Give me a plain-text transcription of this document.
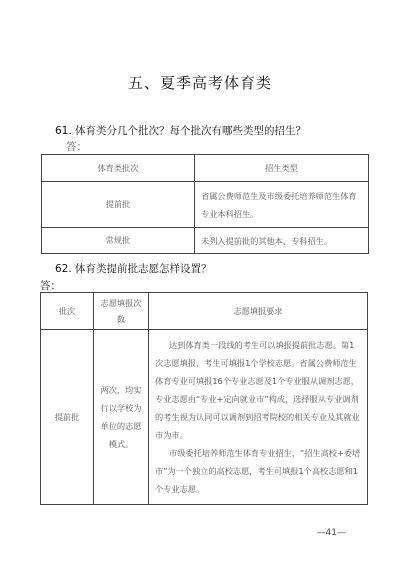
五、夏季高考体育类
61. 体育类分几个批次？每个批次有哪些类型的招生？
答：
体育类批次	招生类型
提前批	省属公费师范生及市级委托培养师范生体育专业本科招生。
常规批	未列入提前批的其他本、专科招生。
62. 体育类提前批志愿怎样设置？
答：
批次	志愿填报次数	志愿填报要求
提前批	两次，均实行以学校为单位的志愿模式。	达到体育类一段线的考生可以填报提前批志愿。第1次志愿填报，考生可填报1个学校志愿。省属公费师范生体育专业可填报16个专业志愿及1个专业服从调剂志愿，专业志愿由“专业+定向就业市”构成，选择服从专业调剂的考生视为认同可以调剂到招考院校的相关专业及其就业市为市。
市级委托培养师范生体育专业招生，“招生高校+委培市”为一个独立的高校志愿，考生可填报1个高校志愿和1个专业志愿。
—41—
